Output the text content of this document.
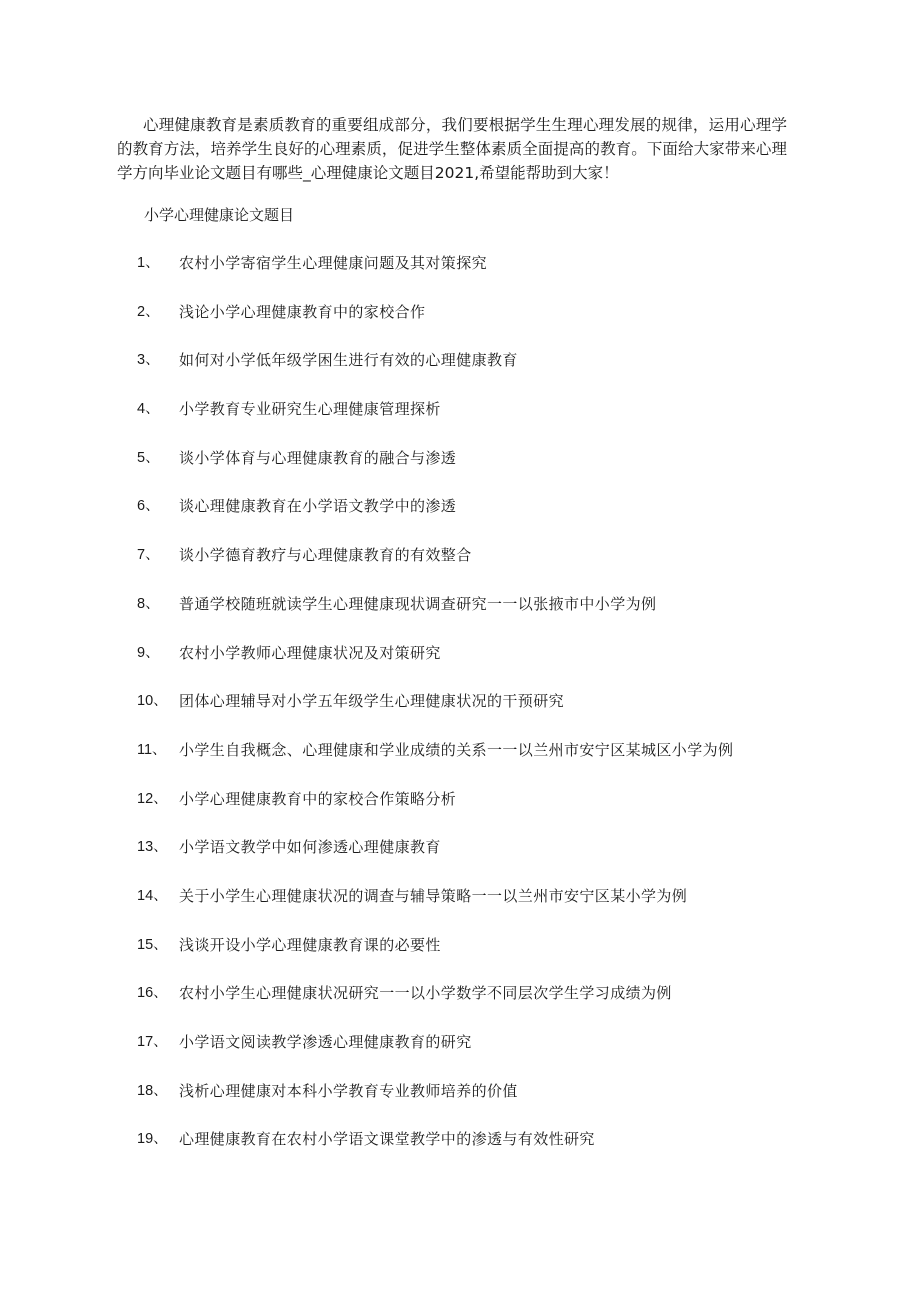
心理健康教育是素质教育的重要组成部分，我们要根据学生生理心理发展的规律，运用心理学的教育方法，培养学生良好的心理素质，促进学生整体素质全面提高的教育。下面给大家带来心理学方向毕业论文题目有哪些_心理健康论文题目2021,希望能帮助到大家！

小学心理健康论文题目
1、	农村小学寄宿学生心理健康问题及其对策探究
2、	浅论小学心理健康教育中的家校合作
3、	如何对小学低年级学困生进行有效的心理健康教育
4、	小学教育专业研究生心理健康管理探析
5、	谈小学体育与心理健康教育的融合与渗透
6、	谈心理健康教育在小学语文教学中的渗透
7、	谈小学德育教疗与心理健康教育的有效整合
8、	普通学校随班就读学生心理健康现状调查研究一一以张掖市中小学为例
9、	农村小学教师心理健康状况及对策研究
10、 团体心理辅导对小学五年级学生心理健康状况的干预研究
11、 小学生自我概念、心理健康和学业成绩的关系一一以兰州市安宁区某城区小学为例
12、 小学心理健康教育中的家校合作策略分析
13、 小学语文教学中如何渗透心理健康教育
14、 关于小学生心理健康状况的调查与辅导策略一一以兰州市安宁区某小学为例
15、 浅谈开设小学心理健康教育课的必要性
16、 农村小学生心理健康状况研究一一以小学数学不同层次学生学习成绩为例
17、 小学语文阅读教学渗透心理健康教育的研究
18、 浅析心理健康对本科小学教育专业教师培养的价值
19、 心理健康教育在农村小学语文课堂教学中的渗透与有效性研究
